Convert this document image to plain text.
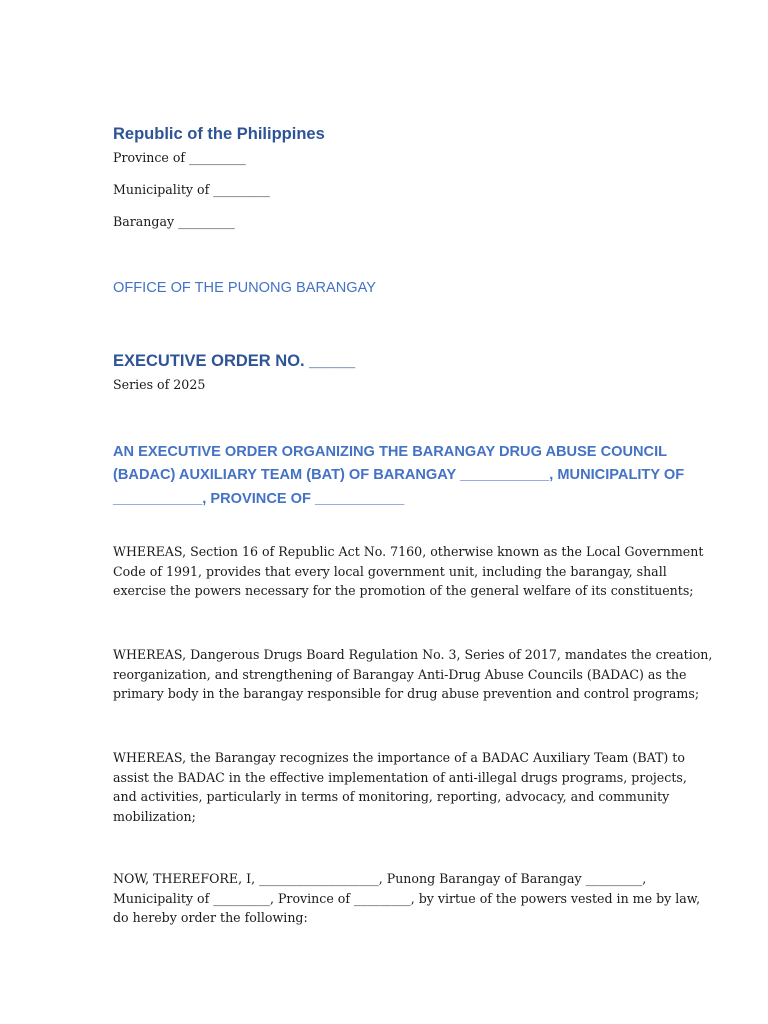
Republic of the Philippines
Province of _________
Municipality of _________
Barangay _________
OFFICE OF THE PUNONG BARANGAY
EXECUTIVE ORDER NO. _____
Series of 2025
AN EXECUTIVE ORDER ORGANIZING THE BARANGAY DRUG ABUSE COUNCIL
(BADAC) AUXILIARY TEAM (BAT) OF BARANGAY ___________, MUNICIPALITY OF
___________, PROVINCE OF ___________
WHEREAS, Section 16 of Republic Act No. 7160, otherwise known as the Local Government
Code of 1991, provides that every local government unit, including the barangay, shall
exercise the powers necessary for the promotion of the general welfare of its constituents;
WHEREAS, Dangerous Drugs Board Regulation No. 3, Series of 2017, mandates the creation,
reorganization, and strengthening of Barangay Anti-Drug Abuse Councils (BADAC) as the
primary body in the barangay responsible for drug abuse prevention and control programs;
WHEREAS, the Barangay recognizes the importance of a BADAC Auxiliary Team (BAT) to
assist the BADAC in the effective implementation of anti-illegal drugs programs, projects,
and activities, particularly in terms of monitoring, reporting, advocacy, and community
mobilization;
NOW, THEREFORE, I, ___________________, Punong Barangay of Barangay _________,
Municipality of _________, Province of _________, by virtue of the powers vested in me by law,
do hereby order the following:
